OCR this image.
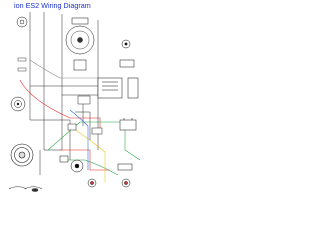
ion ES2 Wiring Diagram
